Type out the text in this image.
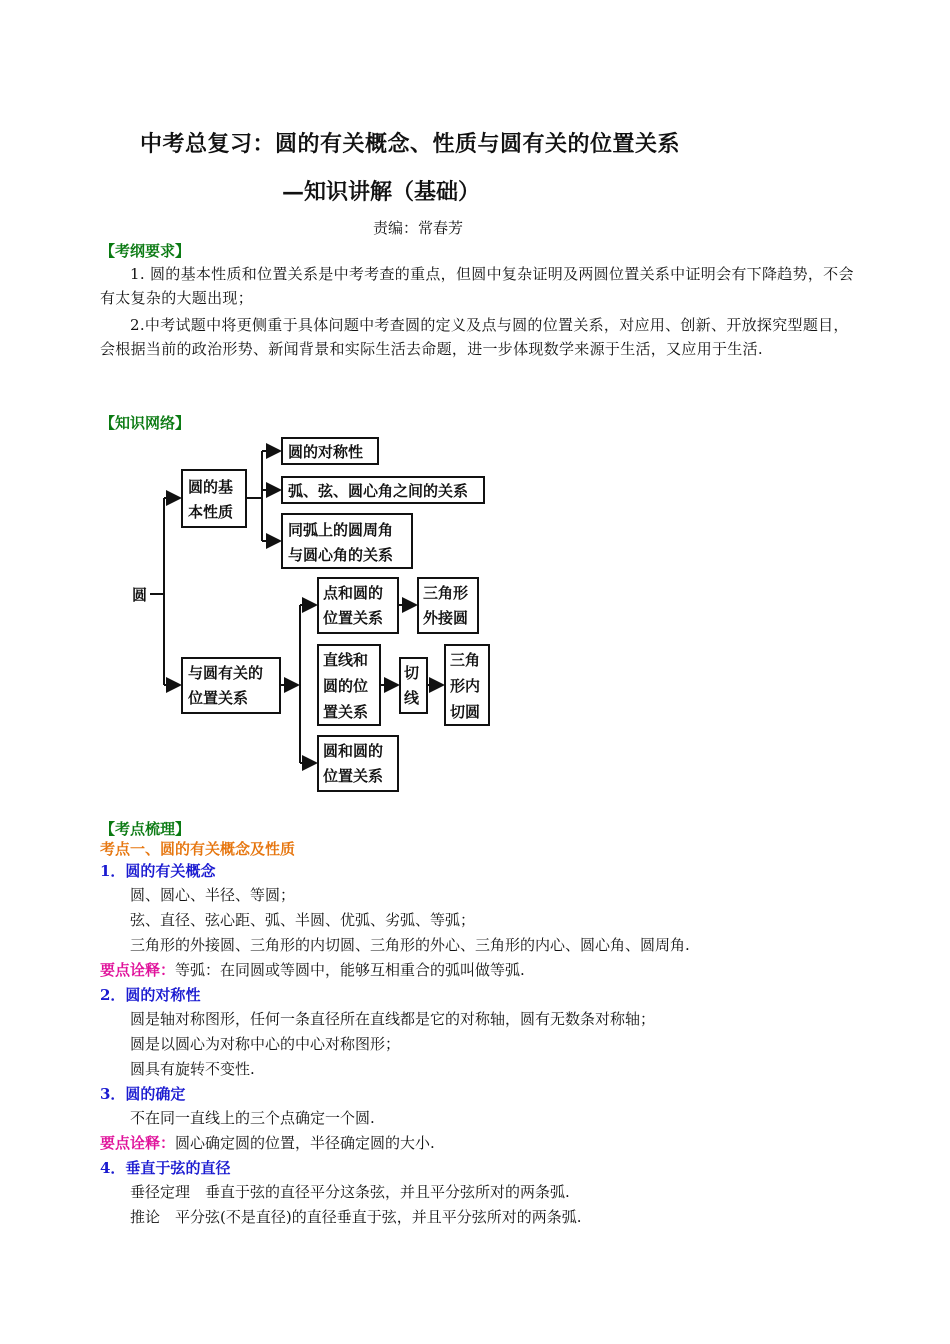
中考总复习：圆的有关概念、性质与圆有关的位置关系
—知识讲解（基础）
责编：常春芳
【考纲要求】
1. 圆的基本性质和位置关系是中考考查的重点，但圆中复杂证明及两圆位置关系中证明会有下降趋势，不会有太复杂的大题出现；
2.中考试题中将更侧重于具体问题中考查圆的定义及点与圆的位置关系，对应用、创新、开放探究型题目，会根据当前的政治形势、新闻背景和实际生活去命题，进一步体现数学来源于生活，又应用于生活.
【知识网络】
圆
圆的基
本性质
圆的对称性
弧、弦、圆心角之间的关系
同弧上的圆周角
与圆心角的关系
与圆有关的
位置关系
点和圆的
位置关系
三角形
外接圆
直线和
圆的位
置关系
切
线
三角
形内
切圆
圆和圆的
位置关系
【考点梳理】
考点一、圆的有关概念及性质
1．圆的有关概念
圆、圆心、半径、等圆；
弦、直径、弦心距、弧、半圆、优弧、劣弧、等弧；
三角形的外接圆、三角形的内切圆、三角形的外心、三角形的内心、圆心角、圆周角.
要点诠释：等弧：在同圆或等圆中，能够互相重合的弧叫做等弧.
2．圆的对称性
圆是轴对称图形，任何一条直径所在直线都是它的对称轴，圆有无数条对称轴；
圆是以圆心为对称中心的中心对称图形；
圆具有旋转不变性.
3．圆的确定
不在同一直线上的三个点确定一个圆.
要点诠释：圆心确定圆的位置，半径确定圆的大小.
4．垂直于弦的直径
垂径定理　垂直于弦的直径平分这条弦，并且平分弦所对的两条弧.
推论　平分弦(不是直径)的直径垂直于弦，并且平分弦所对的两条弧.
